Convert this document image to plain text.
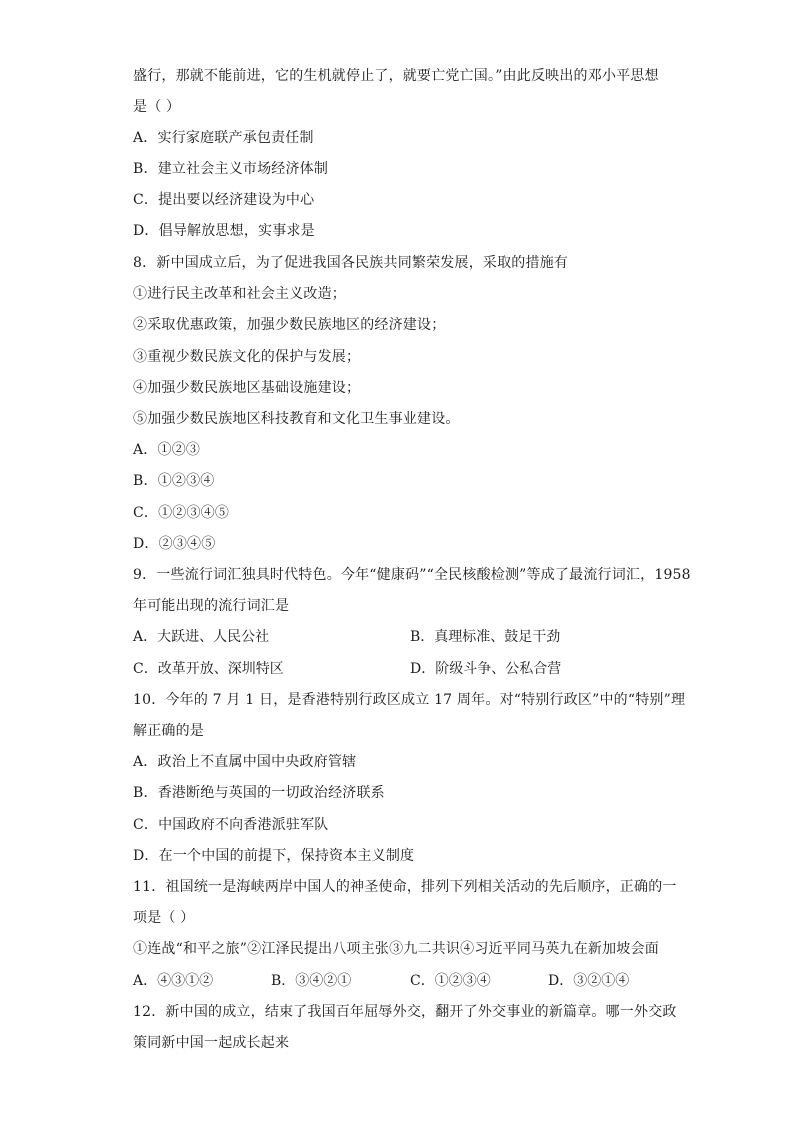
盛行，那就不能前进，它的生机就停止了，就要亡党亡国。”由此反映出的邓小平思想
是（ ）
A．实行家庭联产承包责任制
B．建立社会主义市场经济体制
C．提出要以经济建设为中心
D．倡导解放思想，实事求是
8．新中国成立后，为了促进我国各民族共同繁荣发展，采取的措施有
①进行民主改革和社会主义改造；
②采取优惠政策，加强少数民族地区的经济建设；
③重视少数民族文化的保护与发展；
④加强少数民族地区基础设施建设；
⑤加强少数民族地区科技教育和文化卫生事业建设。
A．①②③
B．①②③④
C．①②③④⑤
D．②③④⑤
9．一些流行词汇独具时代特色。今年“健康码”“全民核酸检测”等成了最流行词汇，1958
年可能出现的流行词汇是
A．大跃进、人民公社	B．真理标准、鼓足干劲
C．改革开放、深圳特区	D．阶级斗争、公私合营
10．今年的 7 月 1 日，是香港特别行政区成立 17 周年。对“特别行政区”中的“特别”理
解正确的是
A．政治上不直属中国中央政府管辖
B．香港断绝与英国的一切政治经济联系
C．中国政府不向香港派驻军队
D．在一个中国的前提下，保持资本主义制度
11．祖国统一是海峡两岸中国人的神圣使命，排列下列相关活动的先后顺序，正确的一
项是（ ）
①连战“和平之旅”②江泽民提出八项主张③九二共识④习近平同马英九在新加坡会面
A．④③①②	B．③④②①	C．①②③④	D．③②①④
12．新中国的成立，结束了我国百年屈辱外交，翻开了外交事业的新篇章。哪一外交政
策同新中国一起成长起来
